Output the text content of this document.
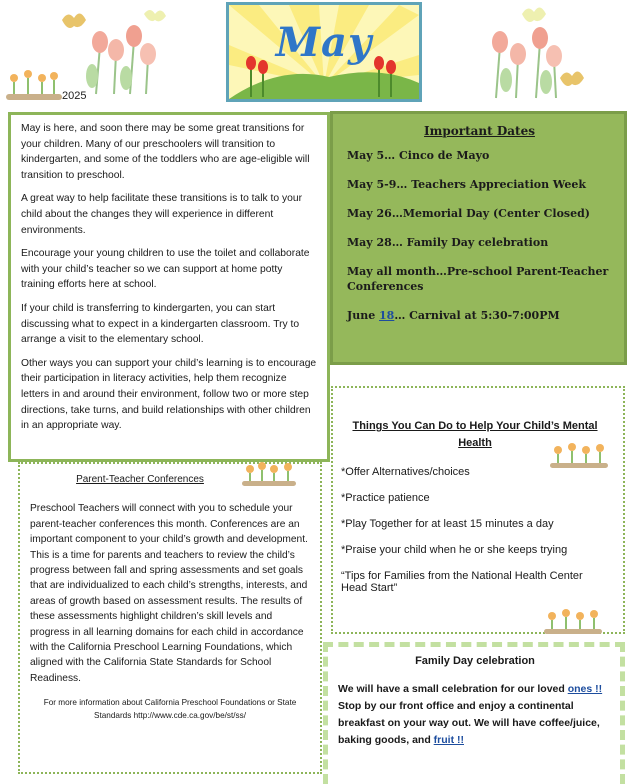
May
2025

May is here, and soon there may be some great transitions for your children. Many of our preschoolers will transition to kindergarten, and some of the toddlers who are age-eligible will transition to preschool.

A great way to help facilitate these transitions is to talk to your child about the changes they will experience in different environments.

Encourage your young children to use the toilet and collaborate with your child’s teacher so we can support at home potty training efforts here at school.

If your child is transferring to kindergarten, you can start discussing what to expect in a kindergarten classroom. Try to arrange a visit to the elementary school.

Other ways you can support your child’s learning is to encourage their participation in literacy activities, help them recognize letters in and around their environment, follow two or more step directions, take turns, and build relationships with other children in an appropriate way.

Important Dates
May 5… Cinco de Mayo
May 5-9… Teachers Appreciation Week
May 26…Memorial Day (Center Closed)
May 28… Family Day celebration
May all month…Pre-school Parent-Teacher Conferences
June 18… Carnival at 5:30-7:00PM
Things You Can Do to Help Your Child’s Mental Health
*Offer Alternatives/choices
*Practice patience
*Play Together for at least 15 minutes a day
*Praise your child when he or she keeps trying
“Tips for Families from the National Health Center Head Start”
Parent-Teacher Conferences
Preschool Teachers will connect with you to schedule your parent-teacher conferences this month. Conferences are an important component to your child’s growth and development. This is a time for parents and teachers to review the child’s progress between fall and spring assessments and set goals that are individualized to each child’s strengths, interests, and areas of growth based on assessment results. The results of these assessments highlight children’s skill levels and progress in all learning domains for each child in accordance with the California Preschool Learning Foundations, which aligned with the California State Standards for School Readiness.
For more information about California Preschool Foundations or State Standards http://www.cde.ca.gov/be/st/ss/
Family Day celebration

We will have a small celebration for our loved ones !! Stop by our front office and enjoy a continental breakfast on your way out. We will have coffee/juice, baking goods, and fruit !!
